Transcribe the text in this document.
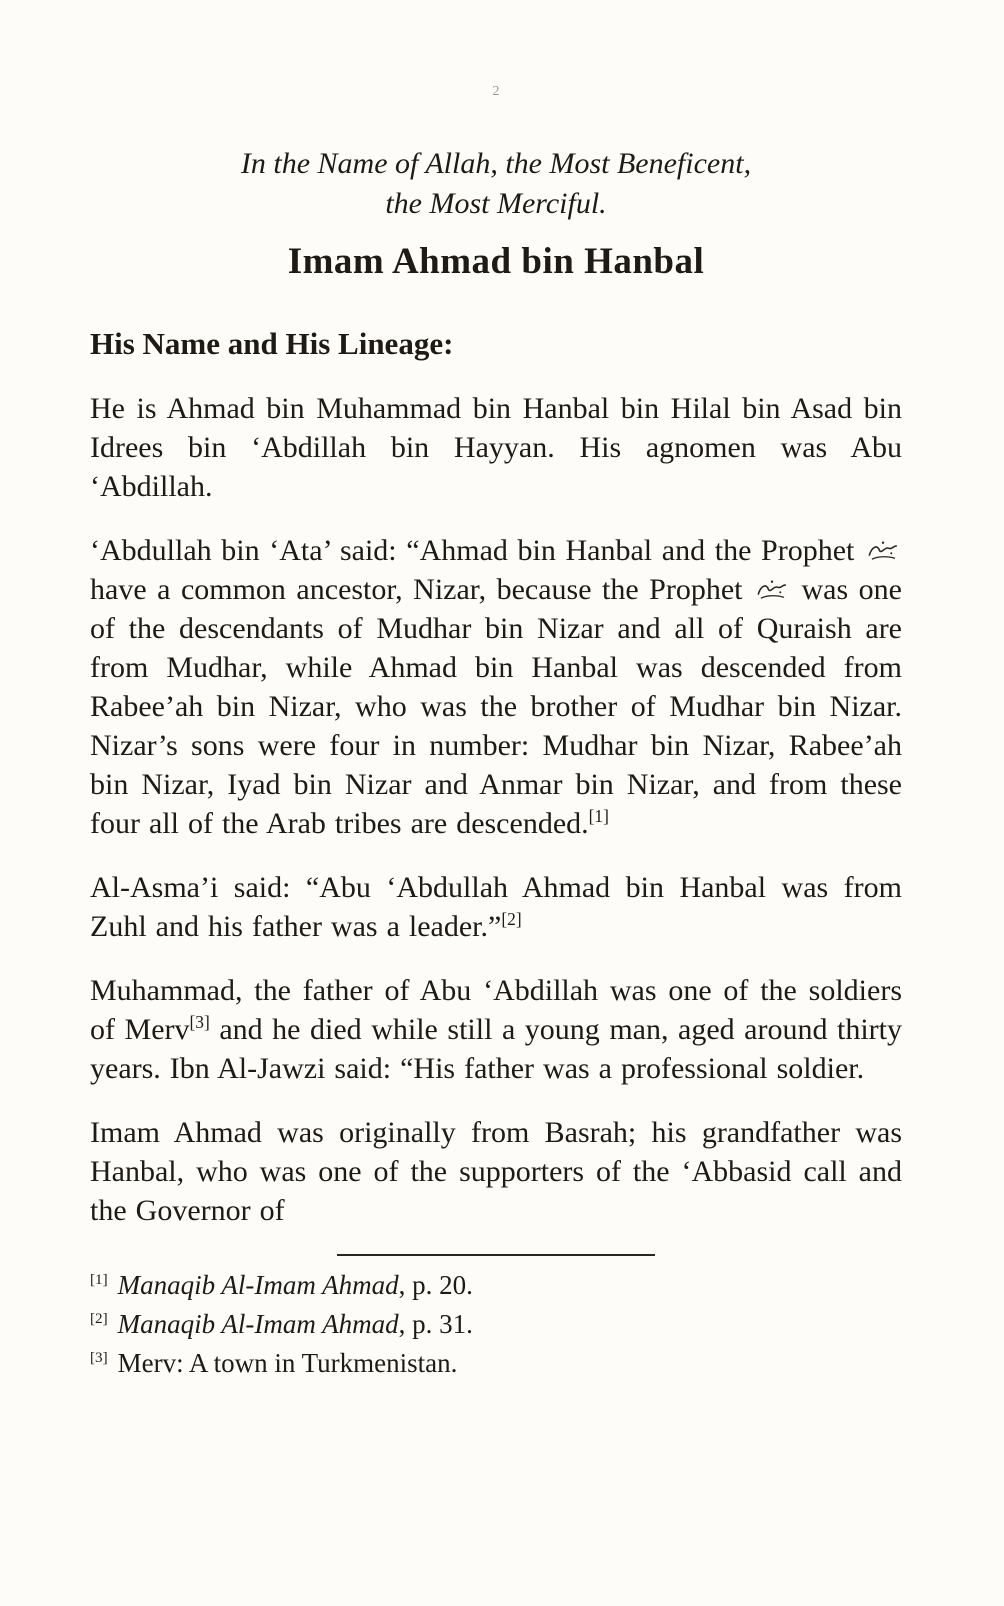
2
In the Name of Allah, the Most Beneficent,
the Most Merciful.
Imam Ahmad bin Hanbal
His Name and His Lineage:

He is Ahmad bin Muhammad bin Hanbal bin Hilal bin Asad bin Idrees bin ‘Abdillah bin Hayyan. His agnomen was Abu ‘Abdillah.

‘Abdullah bin ‘Ata’ said: “Ahmad bin Hanbal and the Prophet  have a common ancestor, Nizar, because the Prophet  was one of the descendants of Mudhar bin Nizar and all of Quraish are from Mudhar, while Ahmad bin Hanbal was descended from Rabee’ah bin Nizar, who was the brother of Mudhar bin Nizar. Nizar’s sons were four in number: Mudhar bin Nizar, Rabee’ah bin Nizar, Iyad bin Nizar and Anmar bin Nizar, and from these four all of the Arab tribes are descended.[1]

Al-Asma’i said: “Abu ‘Abdullah Ahmad bin Hanbal was from Zuhl and his father was a leader.”[2]

Muhammad, the father of Abu ‘Abdillah was one of the soldiers of Merv[3] and he died while still a young man, aged around thirty years. Ibn Al-Jawzi said: “His father was a professional soldier.

Imam Ahmad was originally from Basrah; his grandfather was Hanbal, who was one of the supporters of the ‘Abbasid call and the Governor of

[1] Manaqib Al-Imam Ahmad, p. 20.
[2] Manaqib Al-Imam Ahmad, p. 31.
[3] Merv: A town in Turkmenistan.
